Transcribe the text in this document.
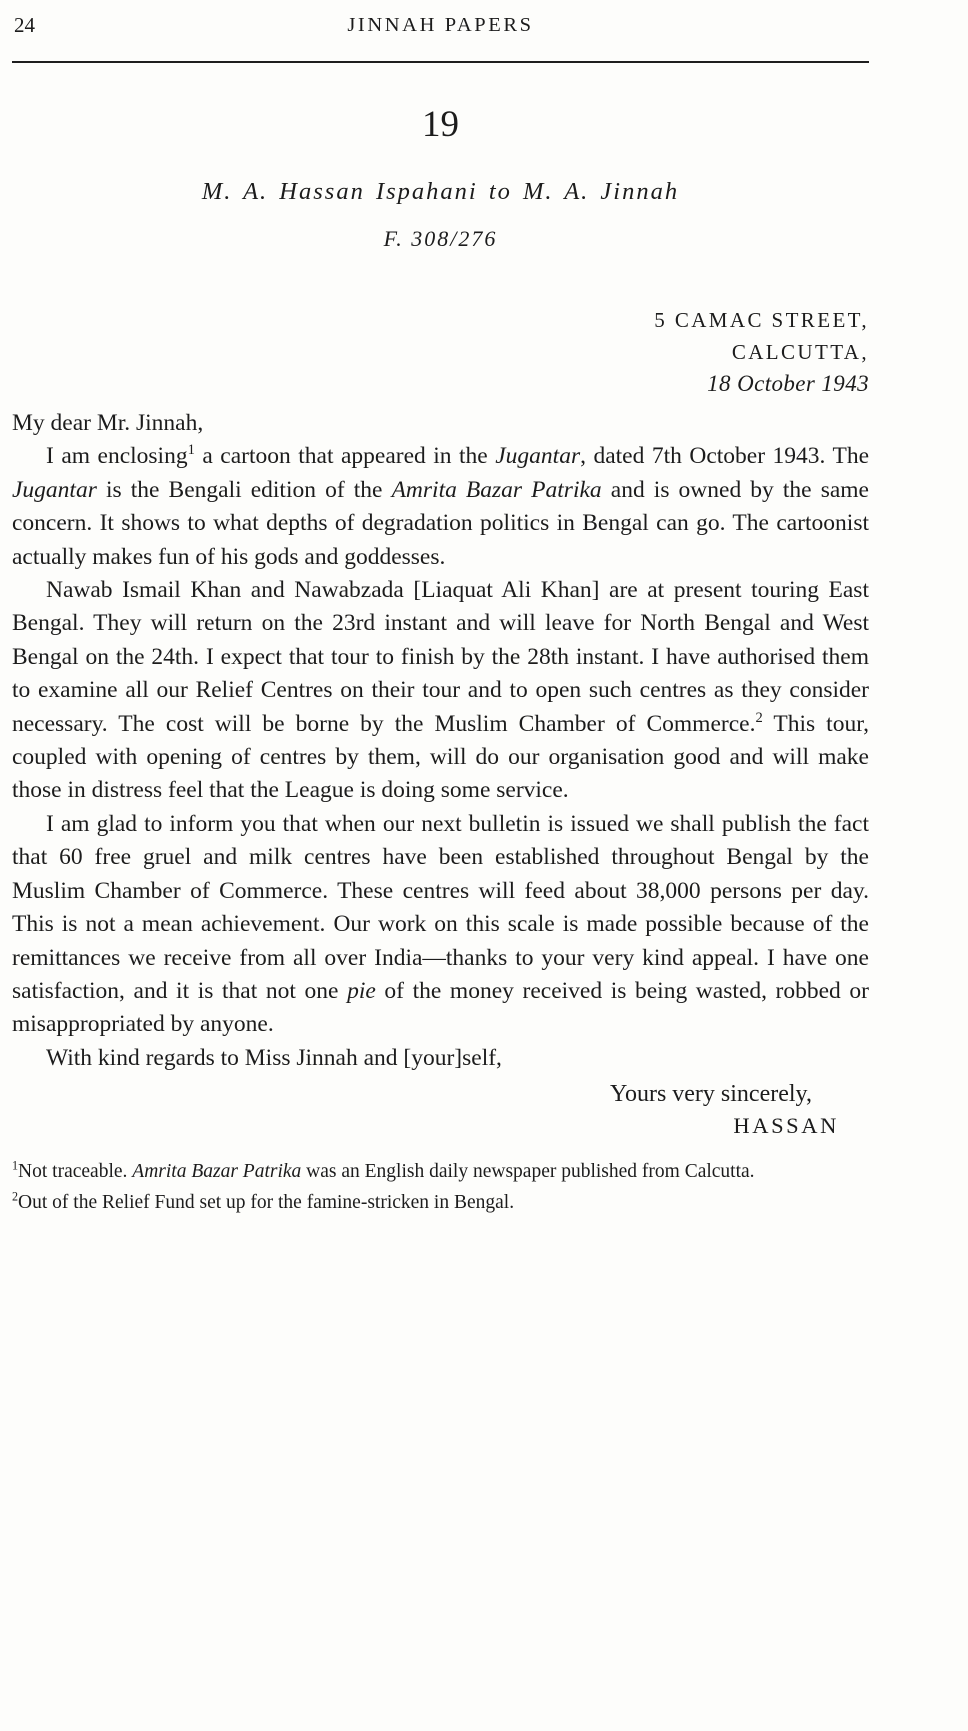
24	JINNAH PAPERS
19
M. A. Hassan Ispahani to M. A. Jinnah
F. 308/276
5 CAMAC STREET,
CALCUTTA,
18 October 1943
My dear Mr. Jinnah,

I am enclosing$^1$ a cartoon that appeared in the Jugantar, dated 7th October 1943. The Jugantar is the Bengali edition of the Amrita Bazar Patrika and is owned by the same concern. It shows to what depths of degradation politics in Bengal can go. The cartoonist actually makes fun of his gods and goddesses.

Nawab Ismail Khan and Nawabzada [Liaquat Ali Khan] are at present touring East Bengal. They will return on the 23rd instant and will leave for North Bengal and West Bengal on the 24th. I expect that tour to finish by the 28th instant. I have authorised them to examine all our Relief Centres on their tour and to open such centres as they consider necessary. The cost will be borne by the Muslim Chamber of Commerce.$^2$ This tour, coupled with opening of centres by them, will do our organisation good and will make those in distress feel that the League is doing some service.

I am glad to inform you that when our next bulletin is issued we shall publish the fact that 60 free gruel and milk centres have been established throughout Bengal by the Muslim Chamber of Commerce. These centres will feed about 38,000 persons per day. This is not a mean achievement. Our work on this scale is made possible because of the remittances we receive from all over India—thanks to your very kind appeal. I have one satisfaction, and it is that not one pie of the money received is being wasted, robbed or misappropriated by anyone.

With kind regards to Miss Jinnah and [your]self,

Yours very sincerely,
HASSAN

$^1$Not traceable. Amrita Bazar Patrika was an English daily newspaper published from Calcutta.

$^2$Out of the Relief Fund set up for the famine-stricken in Bengal.
